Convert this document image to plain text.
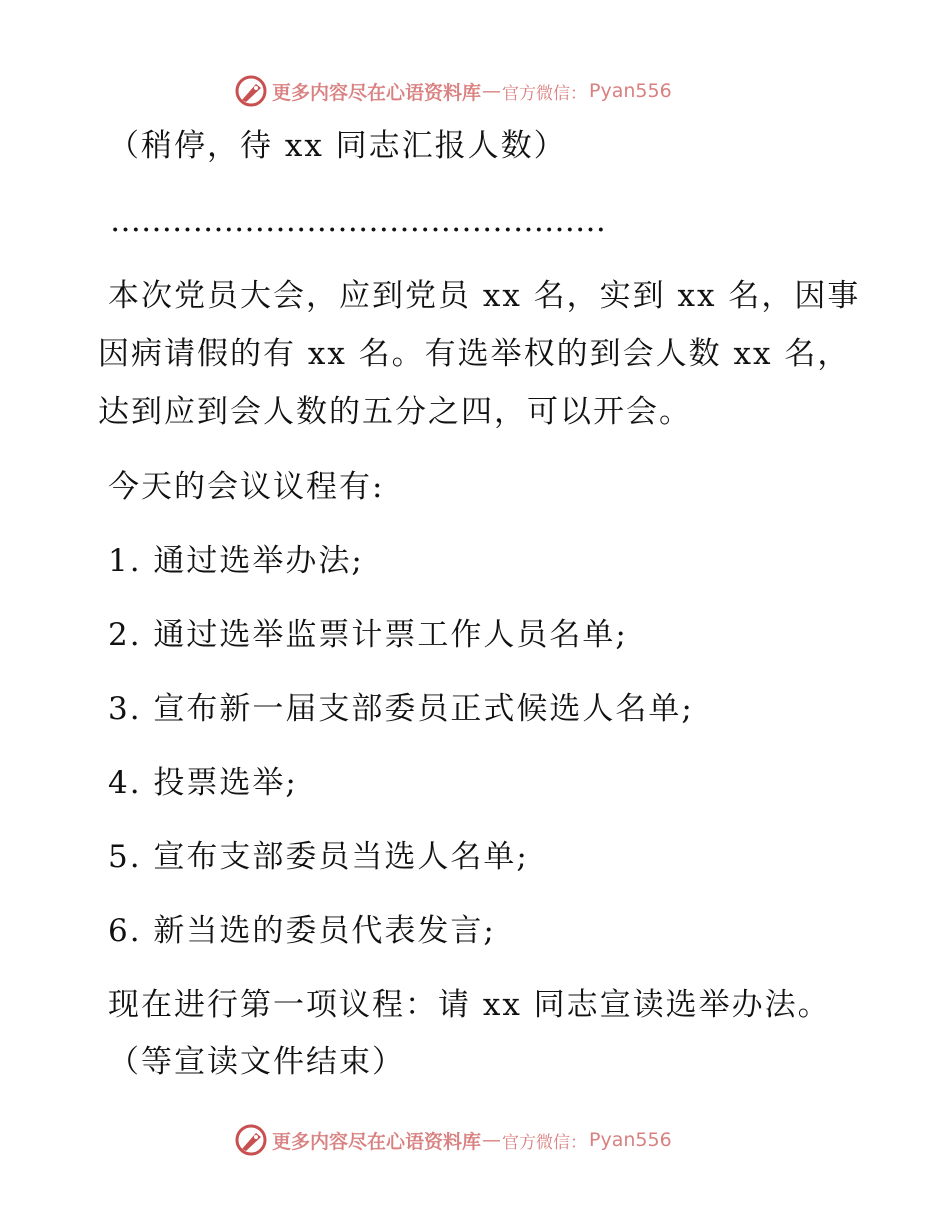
更多内容尽在心语资料库 — 官方微信： Pyan556
（稍停，待 xx 同志汇报人数）
…………………………………………
本次党员大会，应到党员 xx 名，实到 xx 名，因事
因病请假的有 xx 名。有选举权的到会人数 xx 名，
达到应到会人数的五分之四，可以开会。
今天的会议议程有:
1. 通过选举办法;
2. 通过选举监票计票工作人员名单;
3. 宣布新一届支部委员正式候选人名单;
4. 投票选举;
5. 宣布支部委员当选人名单;
6. 新当选的委员代表发言;
现在进行第一项议程：请 xx 同志宣读选举办法。
（等宣读文件结束）
更多内容尽在心语资料库 — 官方微信： Pyan556
